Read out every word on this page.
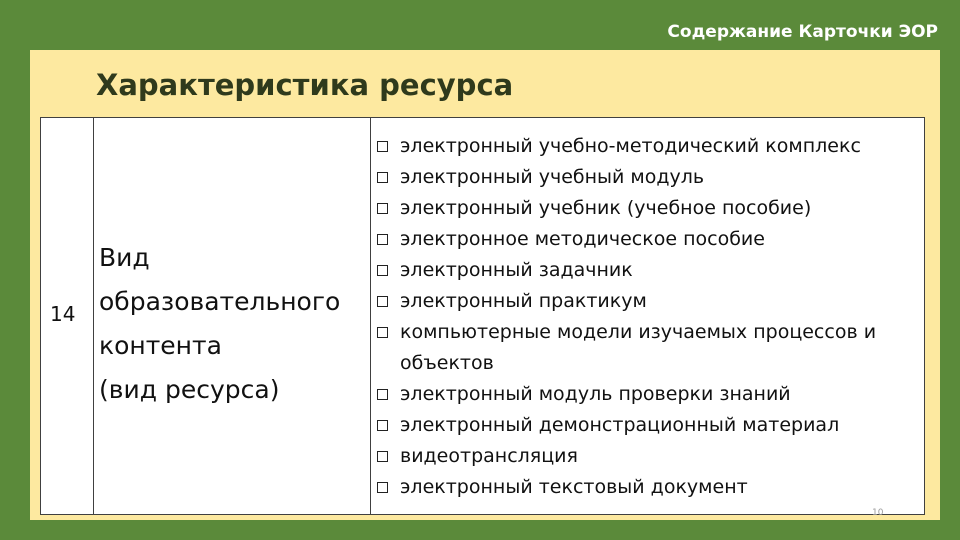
Содержание Карточки ЭОР
Характеристика ресурса
14
Вид
образовательного
контента
(вид ресурса)
электронный учебно-методический комплекс
электронный учебный модуль
электронный учебник (учебное пособие)
электронное методическое пособие
электронный задачник
электронный практикум
компьютерные модели изучаемых процессов и объектов
электронный модуль проверки знаний
электронный демонстрационный материал
видеотрансляция
электронный текстовый документ
10
